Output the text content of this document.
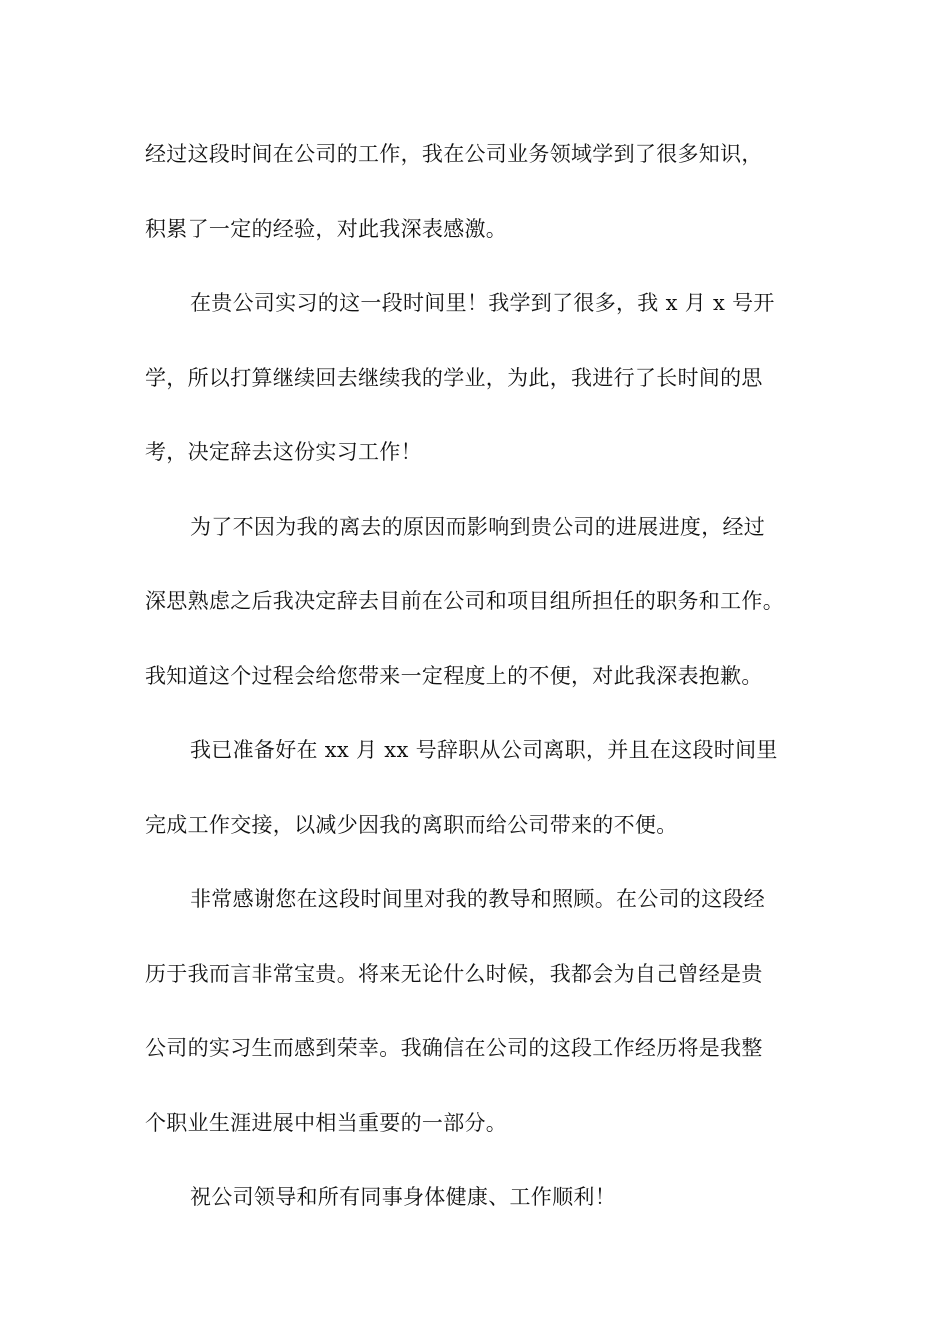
经过这段时间在公司的工作，我在公司业务领域学到了很多知识，
积累了一定的经验，对此我深表感激。
在贵公司实习的这一段时间里！我学到了很多，我 x 月 x 号开
学，所以打算继续回去继续我的学业，为此，我进行了长时间的思
考，决定辞去这份实习工作！
为了不因为我的离去的原因而影响到贵公司的进展进度，经过
深思熟虑之后我决定辞去目前在公司和项目组所担任的职务和工作。
我知道这个过程会给您带来一定程度上的不便，对此我深表抱歉。
我已准备好在 xx 月 xx 号辞职从公司离职，并且在这段时间里
完成工作交接，以减少因我的离职而给公司带来的不便。
非常感谢您在这段时间里对我的教导和照顾。在公司的这段经
历于我而言非常宝贵。将来无论什么时候，我都会为自己曾经是贵
公司的实习生而感到荣幸。我确信在公司的这段工作经历将是我整
个职业生涯进展中相当重要的一部分。
祝公司领导和所有同事身体健康、工作顺利！
